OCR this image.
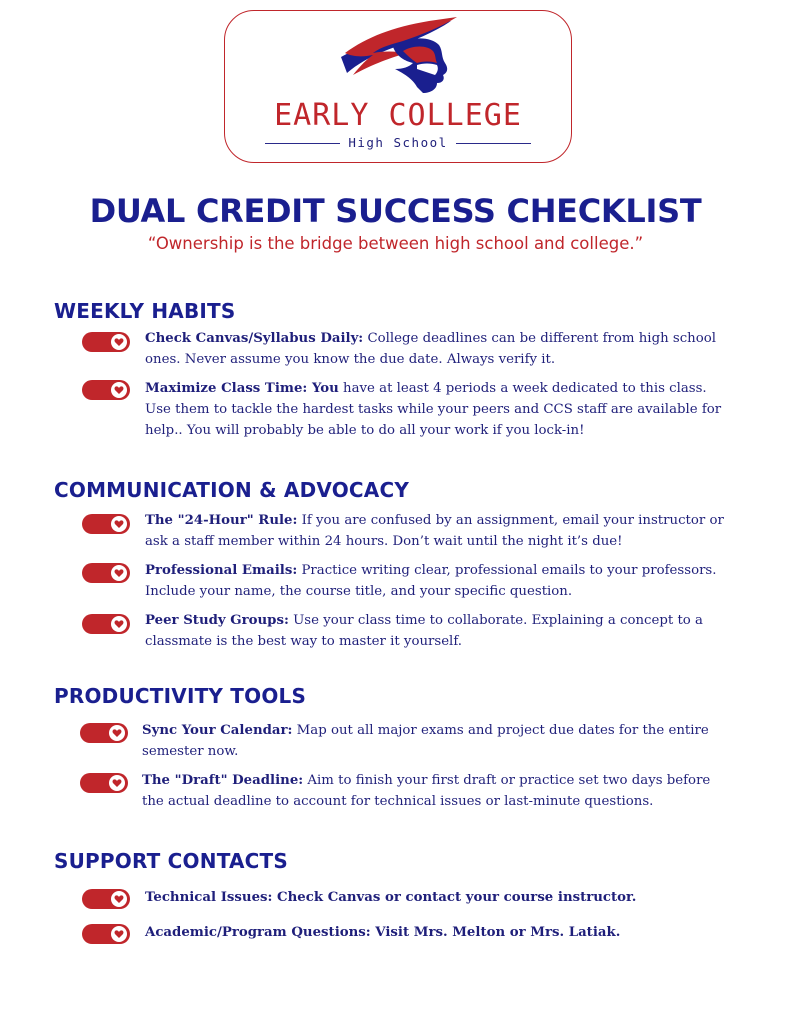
EARLY COLLEGE
High School
DUAL CREDIT SUCCESS CHECKLIST
“Ownership is the bridge between high school and college.”
WEEKLY HABITS

Check Canvas/Syllabus Daily: College deadlines can be different from high school ones. Never assume you know the due date. Always verify it.

Maximize Class Time: You have at least 4 periods a week dedicated to this class. Use them to tackle the hardest tasks while your peers and CCS staff are available for help.. You will probably be able to do all your work if you lock-in!

COMMUNICATION & ADVOCACY

The "24-Hour" Rule: If you are confused by an assignment, email your instructor or ask a staff member within 24 hours. Don’t wait until the night it’s due!

Professional Emails: Practice writing clear, professional emails to your professors. Include your name, the course title, and your specific question.

Peer Study Groups: Use your class time to collaborate. Explaining a concept to a classmate is the best way to master it yourself.

PRODUCTIVITY TOOLS

Sync Your Calendar: Map out all major exams and project due dates for the entire semester now.

The "Draft" Deadline: Aim to finish your first draft or practice set two days before the actual deadline to account for technical issues or last-minute questions.

SUPPORT CONTACTS

Technical Issues: Check Canvas or contact your course instructor.

Academic/Program Questions: Visit Mrs. Melton or Mrs. Latiak.
